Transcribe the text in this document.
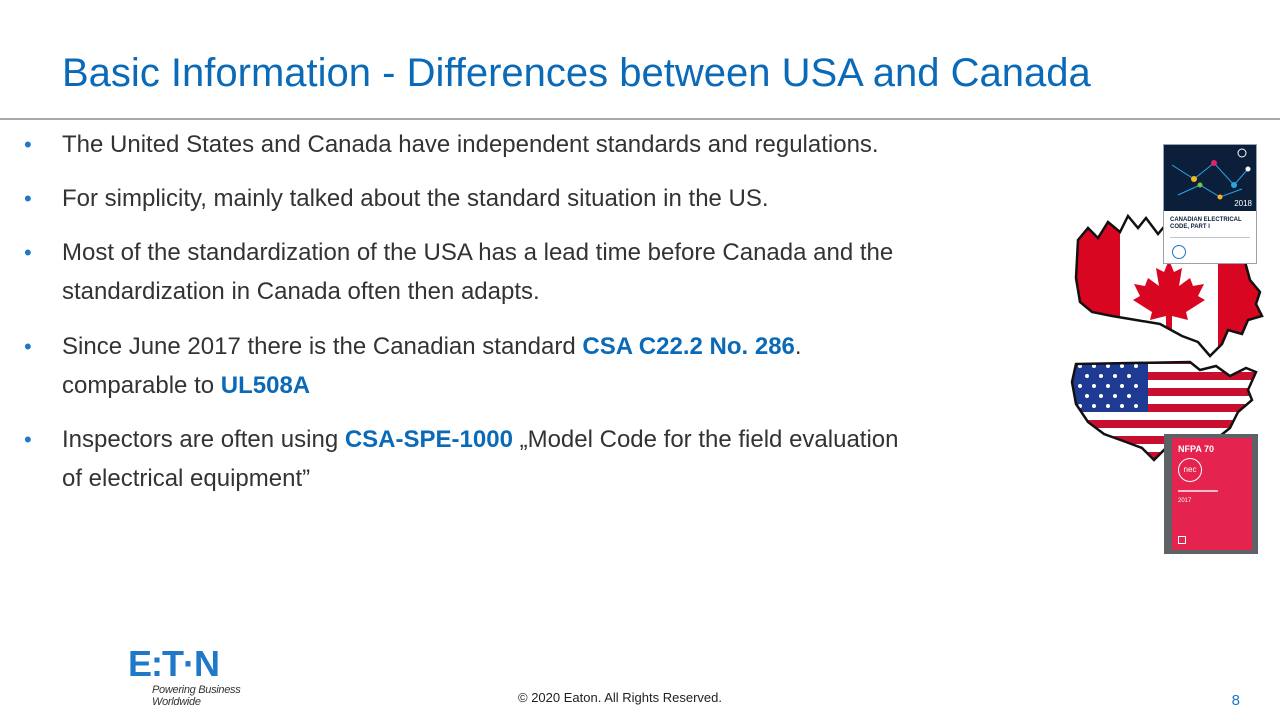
Basic Information - Differences between USA and Canada
• The United States and Canada have independent standards and regulations.
• For simplicity, mainly talked about the standard situation in the US.
• Most of the standardization of the USA has a lead time before Canada and the
standardization in Canada often then adapts.
• Since June 2017 there is the Canadian standard CSA C22.2 No. 286.
comparable to UL508A
• Inspectors are often using CSA-SPE-1000 „Model Code for the field evaluation
of electrical equipment”
2018
CANADIAN ELECTRICAL CODE, PART I
NFPA 70
nec
2017
E:T·N
Powering Business Worldwide	© 2020 Eaton. All Rights Reserved.	8
